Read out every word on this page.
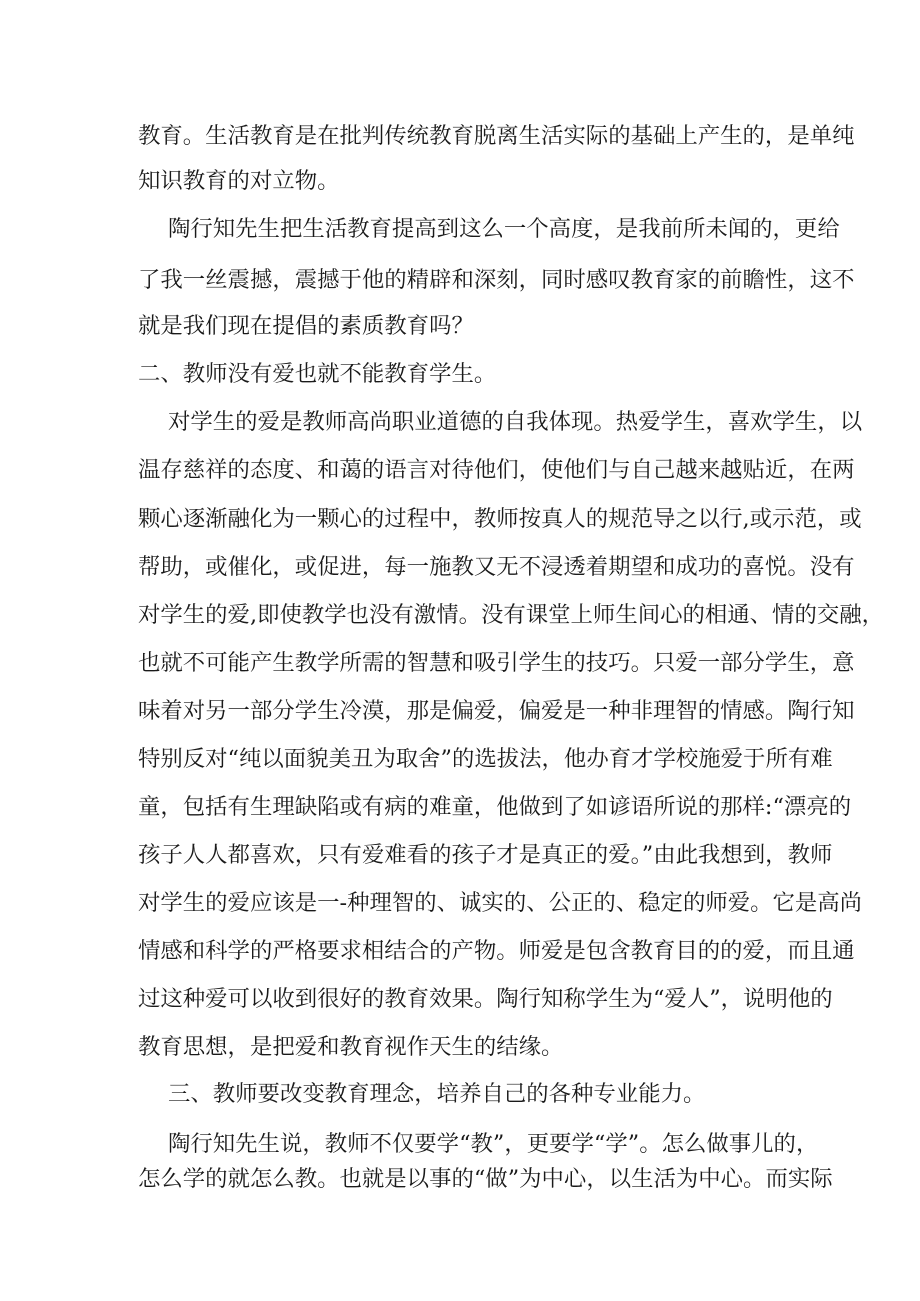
教育。生活教育是在批判传统教育脱离生活实际的基础上产生的，是单纯
知识教育的对立物。
陶行知先生把生活教育提高到这么一个高度，是我前所未闻的，更给
了我一丝震撼，震撼于他的精辟和深刻，同时感叹教育家的前瞻性，这不
就是我们现在提倡的素质教育吗？
二、教师没有爱也就不能教育学生。
对学生的爱是教师高尚职业道德的自我体现。热爱学生，喜欢学生，以
温存慈祥的态度、和蔼的语言对待他们，使他们与自己越来越贴近，在两
颗心逐渐融化为一颗心的过程中，教师按真人的规范导之以行,或示范，或
帮助，或催化，或促进，每一施教又无不浸透着期望和成功的喜悦。没有
对学生的爱,即使教学也没有激情。没有课堂上师生间心的相通、情的交融，
也就不可能产生教学所需的智慧和吸引学生的技巧。只爱一部分学生，意
味着对另一部分学生冷漠，那是偏爱，偏爱是一种非理智的情感。陶行知
特别反对“纯以面貌美丑为取舍”的选拔法，他办育才学校施爱于所有难
童，包括有生理缺陷或有病的难童，他做到了如谚语所说的那样:“漂亮的
孩子人人都喜欢，只有爱难看的孩子才是真正的爱。”由此我想到，教师
对学生的爱应该是一-种理智的、诚实的、公正的、稳定的师爱。它是高尚
情感和科学的严格要求相结合的产物。师爱是包含教育目的的爱，而且通
过这种爱可以收到很好的教育效果。陶行知称学生为“爱人”，说明他的
教育思想，是把爱和教育视作天生的结缘。
三、教师要改变教育理念，培养自己的各种专业能力。
陶行知先生说，教师不仅要学“教”，更要学“学”。怎么做事儿的，
怎么学的就怎么教。也就是以事的“做”为中心，以生活为中心。而实际
